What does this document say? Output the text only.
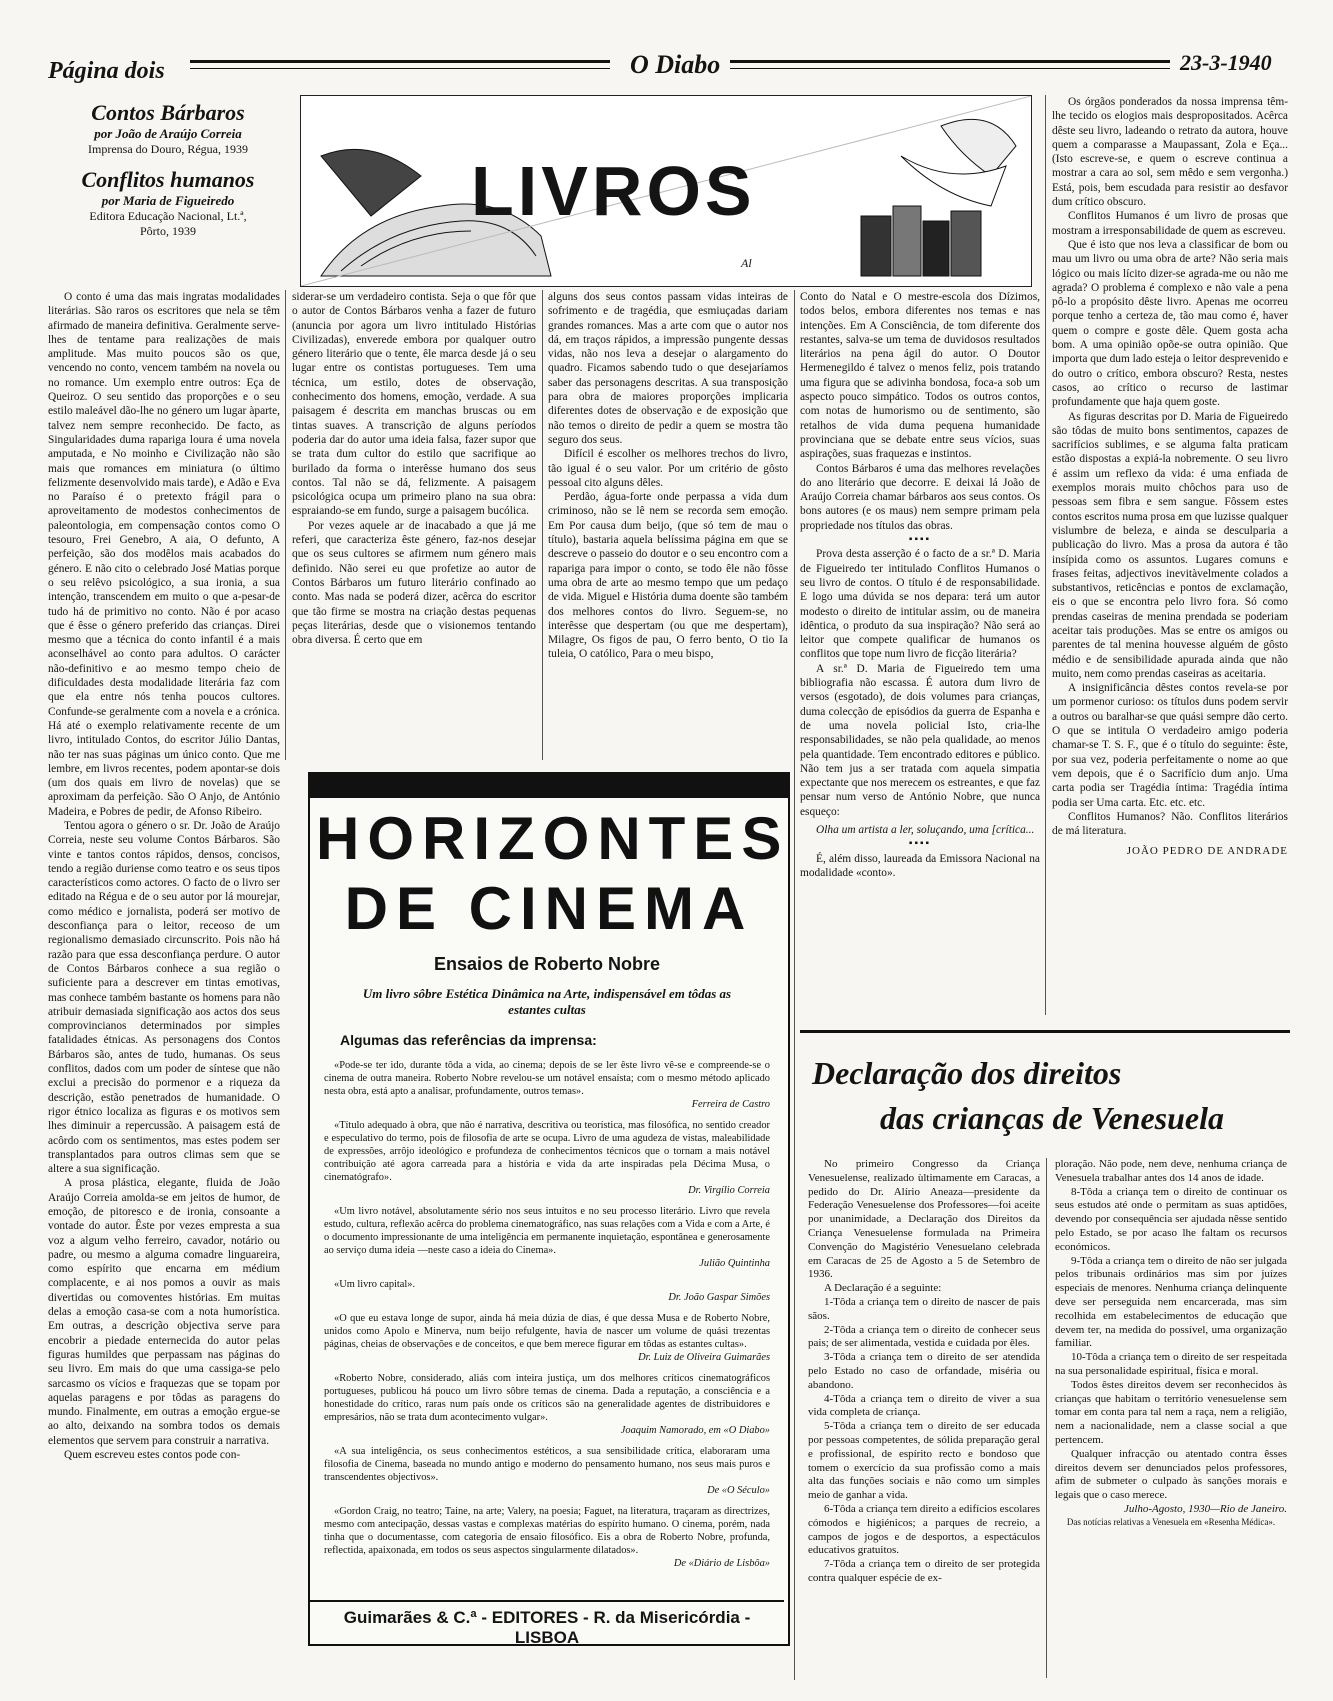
Página dois	O Diabo	23-3-1940
Contos Bárbaros
por João de Araújo Correia
Imprensa do Douro, Régua, 1939
Conflitos humanos
por Maria de Figueiredo
Editora Educação Nacional, Lt.ª, Pôrto, 1939
LIVROS
Al

O conto é uma das mais ingratas modalidades literárias. São raros os escritores que nela se têm afirmado de maneira definitiva. Geralmente serve-lhes de tentame para realizações de mais amplitude. Mas muito poucos são os que, vencendo no conto, vencem também na novela ou no romance. Um exemplo entre outros: Eça de Queiroz. O seu sentido das proporções e o seu estilo maleável dão-lhe no género um lugar àparte, talvez nem sempre reconhecido. De facto, as Singularidades duma rapariga loura é uma novela amputada, e No moinho e Civilização não são mais que romances em miniatura (o último felizmente desenvolvido mais tarde), e Adão e Eva no Paraíso é o pretexto frágil para o aproveitamento de modestos conhecimentos de paleontologia, em compensação contos como O tesouro, Frei Genebro, A aia, O defunto, A perfeição, são dos modêlos mais acabados do género. E não cito o celebrado José Matias porque o seu relêvo psicológico, a sua ironia, a sua intenção, transcendem em muito o que a-pesar-de tudo há de primitivo no conto. Não é por acaso que é êsse o género preferido das crianças. Direi mesmo que a técnica do conto infantil é a mais aconselhável ao conto para adultos. O carácter não-definitivo e ao mesmo tempo cheio de dificuldades desta modalidade literária faz com que ela entre nós tenha poucos cultores. Confunde-se geralmente com a novela e a crónica. Há até o exemplo relativamente recente de um livro, intitulado Contos, do escritor Júlio Dantas, não ter nas suas páginas um único conto. Que me lembre, em livros recentes, podem apontar-se dois (um dos quais em livro de novelas) que se aproximam da perfeição. São O Anjo, de António Madeira, e Pobres de pedir, de Afonso Ribeiro.

Tentou agora o género o sr. Dr. João de Araújo Correia, neste seu volume Contos Bárbaros. São vinte e tantos contos rápidos, densos, concisos, tendo a região duriense como teatro e os seus tipos característicos como actores. O facto de o livro ser editado na Régua e de o seu autor por lá mourejar, como médico e jornalista, poderá ser motivo de desconfiança para o leitor, receoso de um regionalismo demasiado circunscrito. Pois não há razão para que essa desconfiança perdure. O autor de Contos Bárbaros conhece a sua região o suficiente para a descrever em tintas emotivas, mas conhece também bastante os homens para não atribuir demasiada significação aos actos dos seus comprovincianos determinados por simples fatalidades étnicas. As personagens dos Contos Bárbaros são, antes de tudo, humanas. Os seus conflitos, dados com um poder de síntese que não exclui a precisão do pormenor e a riqueza da descrição, estão penetrados de humanidade. O rigor étnico localiza as figuras e os motivos sem lhes diminuir a repercussão. A paisagem está de acôrdo com os sentimentos, mas estes podem ser transplantados para outros climas sem que se altere a sua significação.

A prosa plástica, elegante, fluida de João Araújo Correia amolda-se em jeitos de humor, de emoção, de pitoresco e de ironia, consoante a vontade do autor. Êste por vezes empresta a sua voz a algum velho ferreiro, cavador, notário ou padre, ou mesmo a alguma comadre linguareira, como espírito que encarna em médium complacente, e ai nos pomos a ouvir as mais divertidas ou comoventes histórias. Em muitas delas a emoção casa-se com a nota humorística. Em outras, a descrição objectiva serve para encobrir a piedade enternecida do autor pelas figuras humildes que perpassam nas páginas do seu livro. Em mais do que uma cassiga-se pelo sarcasmo os vícios e fraquezas que se topam por aquelas paragens e por tôdas as paragens do mundo. Finalmente, em outras a emoção ergue-se ao alto, deixando na sombra todos os demais elementos que servem para construir a narrativa.

Quem escreveu estes contos pode con-

siderar-se um verdadeiro contista. Seja o que fôr que o autor de Contos Bárbaros venha a fazer de futuro (anuncia por agora um livro intitulado Histórias Civilizadas), enverede embora por qualquer outro género literário que o tente, êle marca desde já o seu lugar entre os contistas portugueses. Tem uma técnica, um estilo, dotes de observação, conhecimento dos homens, emoção, verdade. A sua paisagem é descrita em manchas bruscas ou em tintas suaves. A transcrição de alguns períodos poderia dar do autor uma ideia falsa, fazer supor que se trata dum cultor do estilo que sacrifique ao burilado da forma o interêsse humano dos seus contos. Tal não se dá, felizmente. A paisagem psicológica ocupa um primeiro plano na sua obra: espraiando-se em fundo, surge a paisagem bucólica.

Por vezes aquele ar de inacabado a que já me referi, que caracteriza êste género, faz-nos desejar que os seus cultores se afirmem num género mais definido. Não serei eu que profetize ao autor de Contos Bárbaros um futuro literário confinado ao conto. Mas nada se poderá dizer, acêrca do escritor que tão firme se mostra na criação destas pequenas peças literárias, desde que o visionemos tentando obra diversa. É certo que em

alguns dos seus contos passam vidas inteiras de sofrimento e de tragédia, que esmiuçadas dariam grandes romances. Mas a arte com que o autor nos dá, em traços rápidos, a impressão pungente dessas vidas, não nos leva a desejar o alargamento do quadro. Ficamos sabendo tudo o que desejaríamos saber das personagens descritas. A sua transposição para obra de maiores proporções implicaria diferentes dotes de observação e de exposição que não temos o direito de pedir a quem se mostra tão seguro dos seus.

Difícil é escolher os melhores trechos do livro, tão igual é o seu valor. Por um critério de gôsto pessoal cito alguns dêles.

Perdão, água-forte onde perpassa a vida dum criminoso, não se lê nem se recorda sem emoção. Em Por causa dum beijo, (que só tem de mau o título), bastaria aquela belíssima página em que se descreve o passeio do doutor e o seu encontro com a rapariga para impor o conto, se todo êle não fôsse uma obra de arte ao mesmo tempo que um pedaço de vida. Miguel e História duma doente são também dos melhores contos do livro. Seguem-se, no interêsse que despertam (ou que me despertam), Milagre, Os figos de pau, O ferro bento, O tio Ia tuleia, O católico, Para o meu bispo,

Conto do Natal e O mestre-escola dos Dízimos, todos belos, embora diferentes nos temas e nas intenções. Em A Consciência, de tom diferente dos restantes, salva-se um tema de duvidosos resultados literários na pena ágil do autor. O Doutor Hermenegildo é talvez o menos feliz, pois tratando uma figura que se adivinha bondosa, foca-a sob um aspecto pouco simpático. Todos os outros contos, com notas de humorismo ou de sentimento, são retalhos de vida duma pequena humanidade provinciana que se debate entre seus vícios, suas aspirações, suas fraquezas e instintos.

Contos Bárbaros é uma das melhores revelações do ano literário que decorre. E deixai lá João de Araújo Correia chamar bárbaros aos seus contos. Os bons autores (e os maus) nem sempre primam pela propriedade nos títulos das obras.

▪▪▪▪

Prova desta asserção é o facto de a sr.ª D. Maria de Figueiredo ter intitulado Conflitos Humanos o seu livro de contos. O título é de responsabilidade. E logo uma dúvida se nos depara: terá um autor modesto o direito de intitular assim, ou de maneira idêntica, o produto da sua inspiração? Não será ao leitor que compete qualificar de humanos os conflitos que tope num livro de ficção literária?

A sr.ª D. Maria de Figueiredo tem uma bibliografia não escassa. É autora dum livro de versos (esgotado), de dois volumes para crianças, duma colecção de episódios da guerra de Espanha e de uma novela policial Isto, cria-lhe responsabilidades, se não pela qualidade, ao menos pela quantidade. Tem encontrado editores e público. Não tem jus a ser tratada com aquela simpatia expectante que nos merecem os estreantes, e que faz pensar num verso de António Nobre, que nunca esqueço:

Olha um artista a ler, soluçando, uma [crítica...

▪▪▪▪

É, além disso, laureada da Emissora Nacional na modalidade «conto».

Os órgãos ponderados da nossa imprensa têm-lhe tecido os elogios mais despropositados. Acêrca dêste seu livro, ladeando o retrato da autora, houve quem a comparasse a Maupassant, Zola e Eça... (Isto escreve-se, e quem o escreve continua a mostrar a cara ao sol, sem mêdo e sem vergonha.) Está, pois, bem escudada para resistir ao desfavor dum crítico obscuro.

Conflitos Humanos é um livro de prosas que mostram a irresponsabilidade de quem as escreveu.

Que é isto que nos leva a classificar de bom ou mau um livro ou uma obra de arte? Não seria mais lógico ou mais lícito dizer-se agrada-me ou não me agrada? O problema é complexo e não vale a pena pô-lo a propósito dêste livro. Apenas me ocorreu porque tenho a certeza de, tão mau como é, haver quem o compre e goste dêle. Quem gosta acha bom. A uma opinião opõe-se outra opinião. Que importa que dum lado esteja o leitor desprevenido e do outro o crítico, embora obscuro? Resta, nestes casos, ao crítico o recurso de lastimar profundamente que haja quem goste.

As figuras descritas por D. Maria de Figueiredo são tôdas de muito bons sentimentos, capazes de sacrifícios sublimes, e se alguma falta praticam estão dispostas a expiá-la nobremente. O seu livro é assim um reflexo da vida: é uma enfiada de exemplos morais muito chôchos para uso de pessoas sem fibra e sem sangue. Fôssem estes contos escritos numa prosa em que luzisse qualquer vislumbre de beleza, e ainda se desculparia a publicação do livro. Mas a prosa da autora é tão insípida como os assuntos. Lugares comuns e frases feitas, adjectivos inevitàvelmente colados a substantivos, reticências e pontos de exclamação, eis o que se encontra pelo livro fora. Só como prendas caseiras de menina prendada se poderiam aceitar tais produções. Mas se entre os amigos ou parentes de tal menina houvesse alguém de gôsto médio e de sensibilidade apurada ainda que não muito, nem como prendas caseiras as aceitaria.

A insignificância dêstes contos revela-se por um pormenor curioso: os títulos duns podem servir a outros ou baralhar-se que quási sempre dão certo. O que se intitula O verdadeiro amigo poderia chamar-se T. S. F., que é o título do seguinte: êste, por sua vez, poderia perfeitamente o nome ao que vem depois, que é o Sacrifício dum anjo. Uma carta podia ser Tragédia íntima: Tragédia íntima podia ser Uma carta. Etc. etc. etc.

Conflitos Humanos? Não. Conflitos literários de má literatura.

JOÃO PEDRO DE ANDRADE
HORIZONTES
DE CINEMA
Ensaios de Roberto Nobre
Um livro sôbre Estética Dinâmica na Arte, indispensável em tôdas as estantes cultas
Algumas das referências da imprensa:

«Pode-se ter ido, durante tôda a vida, ao cinema; depois de se ler êste livro vê-se e compreende-se o cinema de outra maneira. Roberto Nobre revelou-se um notável ensaísta; com o mesmo método aplicado nesta obra, está apto a analisar, profundamente, outros temas».

Ferreira de Castro

«Título adequado à obra, que não é narrativa, descritiva ou teorística, mas filosófica, no sentido creador e especulativo do termo, pois de filosofia de arte se ocupa. Livro de uma agudeza de vistas, maleabilidade de expressões, arrôjo ideológico e profundeza de conhecimentos técnicos que o tornam a mais notável contribuição até agora carreada para a história e vida da arte inspiradas pela Décima Musa, o cinematógrafo».

Dr. Virgílio Correia

«Um livro notável, absolutamente sério nos seus intuitos e no seu processo literário. Livro que revela estudo, cultura, reflexão acêrca do problema cinematográfico, nas suas relações com a Vida e com a Arte, é o documento impressionante de uma inteligência em permanente inquietação, espontânea e generosamente ao serviço duma ideia —neste caso a ideia do Cinema».

Julião Quintinha

«Um livro capital».

Dr. João Gaspar Simões

«O que eu estava longe de supor, ainda há meia dúzia de dias, é que dessa Musa e de Roberto Nobre, unidos como Apolo e Minerva, num beijo refulgente, havia de nascer um volume de quási trezentas páginas, cheias de observações e de conceitos, e que bem merece figurar em tôdas as estantes cultas».

Dr. Luiz de Oliveira Guimarães

«Roberto Nobre, considerado, aliás com inteira justiça, um dos melhores críticos cinematográficos portugueses, publicou há pouco um livro sôbre temas de cinema. Dada a reputação, a consciência e a honestidade do crítico, raras num país onde os críticos são na generalidade agentes de distribuidores e empresários, não se trata dum acontecimento vulgar».

Joaquim Namorado, em «O Diabo»

«A sua inteligência, os seus conhecimentos estéticos, a sua sensibilidade crítica, elaboraram uma filosofia de Cinema, baseada no mundo antigo e moderno do pensamento humano, nos seus mais puros e transcendentes objectivos».

De «O Século»

«Gordon Craig, no teatro; Taine, na arte; Valery, na poesia; Faguet, na literatura, traçaram as directrizes, mesmo com antecipação, dessas vastas e complexas matérias do espírito humano. O cinema, porém, nada tinha que o documentasse, com categoria de ensaio filosófico. Eis a obra de Roberto Nobre, profunda, reflectida, apaixonada, em todos os seus aspectos singularmente dilatados».

De «Diário de Lisbôa»
Guimarães & C.ª - EDITORES - R. da Misericórdia - LISBOA
Declaração dos direitos
das crianças de Venesuela

No primeiro Congresso da Criança Venesuelense, realizado ùltimamente em Caracas, a pedido do Dr. Alírio Aneaza—presidente da Federação Venesuelense dos Professores—foi aceite por unanimidade, a Declaração dos Direitos da Criança Venesuelense formulada na Primeira Convenção do Magistério Venesuelano celebrada em Caracas de 25 de Agosto a 5 de Setembro de 1936.

A Declaração é a seguinte:

1-Tôda a criança tem o direito de nascer de pais sãos.

2-Tôda a criança tem o direito de conhecer seus pais; de ser alimentada, vestida e cuidada por êles.

3-Tôda a criança tem o direito de ser atendida pelo Estado no caso de orfandade, miséria ou abandono.

4-Tôda a criança tem o direito de viver a sua vida completa de criança.

5-Tôda a criança tem o direito de ser educada por pessoas competentes, de sólida preparação geral e profissional, de espírito recto e bondoso que tomem o exercício da sua profissão como a mais alta das funções sociais e não como um simples meio de ganhar a vida.

6-Tôda a criança tem direito a edifícios escolares cómodos e higiénicos; a parques de recreio, a campos de jogos e de desportos, a espectáculos educativos gratuitos.

7-Tôda a criança tem o direito de ser protegida contra qualquer espécie de ex-

ploração. Não pode, nem deve, nenhuma criança de Venesuela trabalhar antes dos 14 anos de idade.

8-Tôda a criança tem o direito de continuar os seus estudos até onde o permitam as suas aptidões, devendo por consequência ser ajudada nêsse sentido pelo Estado, se por acaso lhe faltam os recursos económicos.

9-Tôda a criança tem o direito de não ser julgada pelos tribunais ordinários mas sim por juízes especiais de menores. Nenhuma criança delinquente deve ser perseguida nem encarcerada, mas sim recolhida em estabelecimentos de educação que devem ter, na medida do possível, uma organização familiar.

10-Tôda a criança tem o direito de ser respeitada na sua personalidade espiritual, física e moral.

Todos êstes direitos devem ser reconhecidos às crianças que habitam o território venesuelense sem tomar em conta para tal nem a raça, nem a religião, nem a nacionalidade, nem a classe social a que pertencem.

Qualquer infracção ou atentado contra êsses direitos devem ser denunciados pelos professores, afim de submeter o culpado às sanções morais e legais que o caso merece.

Julho-Agosto, 1930—Rio de Janeiro.

Das notícias relativas a Venesuela em «Resenha Médica».
